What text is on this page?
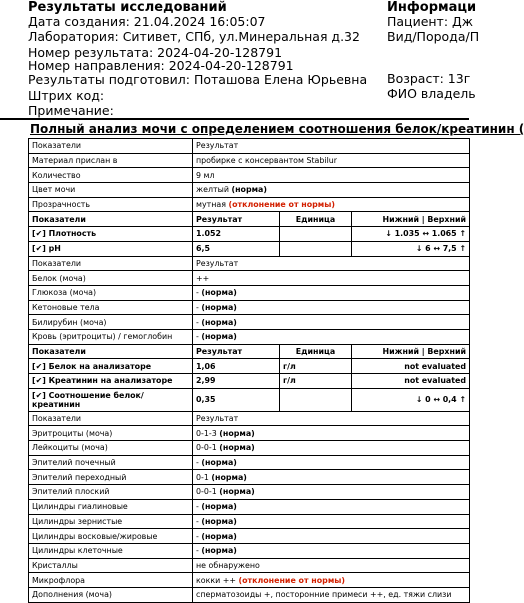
Результаты исследований
Дата создания: 21.04.2024 16:05:07
Лаборатория: Ситивет, СПб, ул.Минеральная д.32
Номер результата: 2024-04-20-128791
Номер направления: 2024-04-20-128791
Результаты подготовил: Поташова Елена Юрьевна
Штрих код:
Примечание:
Информаци
Пациент: Дж
Вид/Порода/П
Возраст: 13г
ФИО владель
Полный анализ мочи с определением соотношения белок/креатинин (
Показатели	Результат		
Материал прислан в	пробирке с консервантом Stabilur		
Количество	9 мл		
Цвет мочи	желтый (норма)		
Прозрачность	мутная (отклонение от нормы)		
Показатели	Результат	Единица	Нижний | Верхний
[✔] Плотность	1.052		↓ 1.035 ↔ 1.065 ↑
[✔] pH	6,5		↓ 6 ↔ 7,5 ↑
Показатели	Результат		
Белок (моча)	++		
Глюкоза (моча)	- (норма)		
Кетоновые тела	- (норма)		
Билирубин (моча)	- (норма)		
Кровь (эритроциты) / гемоглобин	- (норма)		
Показатели	Результат	Единица	Нижний | Верхний
[✔] Белок на анализаторе	1,06	г/л	not evaluated
[✔] Креатинин на анализаторе	2,99	г/л	not evaluated
[✔] Соотношение белок/креатинин	0,35		↓ 0 ↔ 0,4 ↑
Показатели	Результат		
Эритроциты (моча)	0-1-3 (норма)		
Лейкоциты (моча)	0-0-1 (норма)		
Эпителий почечный	- (норма)		
Эпителий переходный	0-1 (норма)		
Эпителий плоский	0-0-1 (норма)		
Цилиндры гиалиновые	- (норма)		
Цилиндры зернистые	- (норма)		
Цилиндры восковые/жировые	- (норма)		
Цилиндры клеточные	- (норма)		
Кристаллы	не обнаружено		
Микрофлора	кокки ++ (отклонение от нормы)		
Дополнения (моча)	сперматозоиды +, посторонние примеси ++, ед. тяжи слизи		
